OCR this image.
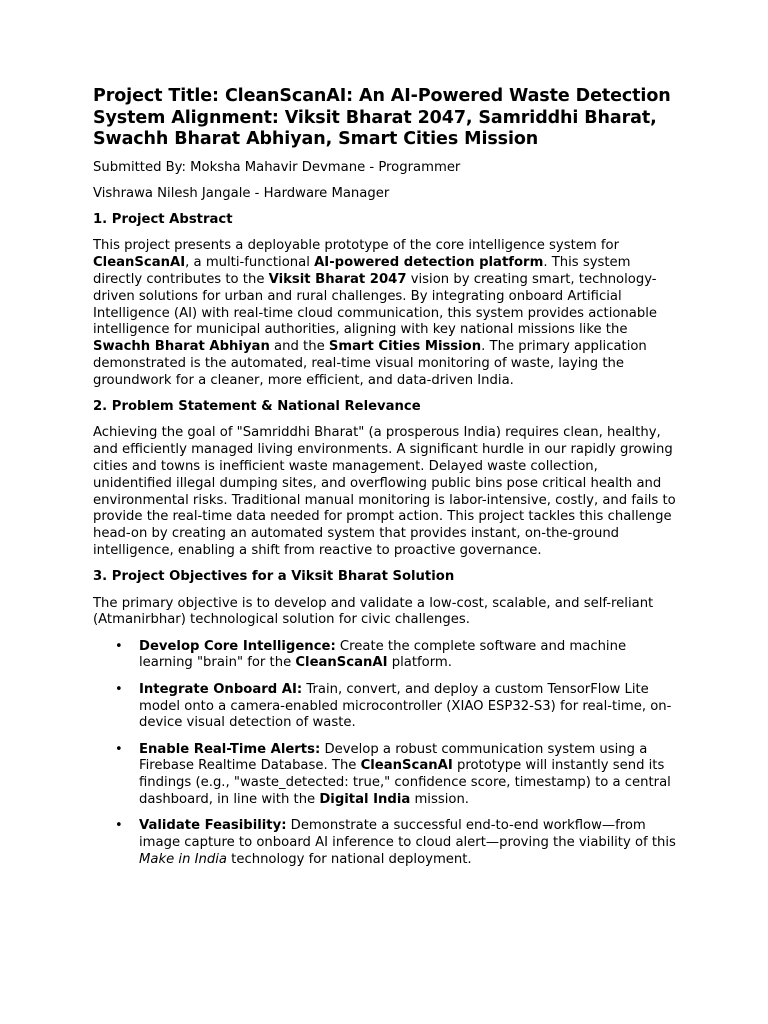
Project Title: CleanScanAI: An AI-Powered Waste Detection System Alignment: Viksit Bharat 2047, Samriddhi Bharat, Swachh Bharat Abhiyan, Smart Cities Mission

Submitted By: Moksha Mahavir Devmane - Programmer

Vishrawa Nilesh Jangale - Hardware Manager

1. Project Abstract

This project presents a deployable prototype of the core intelligence system for CleanScanAI, a multi-functional AI-powered detection platform. This system directly contributes to the Viksit Bharat 2047 vision by creating smart, technology-driven solutions for urban and rural challenges. By integrating onboard Artificial Intelligence (AI) with real-time cloud communication, this system provides actionable intelligence for municipal authorities, aligning with key national missions like the Swachh Bharat Abhiyan and the Smart Cities Mission. The primary application demonstrated is the automated, real-time visual monitoring of waste, laying the groundwork for a cleaner, more efficient, and data-driven India.

2. Problem Statement & National Relevance

Achieving the goal of "Samriddhi Bharat" (a prosperous India) requires clean, healthy, and efficiently managed living environments. A significant hurdle in our rapidly growing cities and towns is inefficient waste management. Delayed waste collection, unidentified illegal dumping sites, and overflowing public bins pose critical health and environmental risks. Traditional manual monitoring is labor-intensive, costly, and fails to provide the real-time data needed for prompt action. This project tackles this challenge head-on by creating an automated system that provides instant, on-the-ground intelligence, enabling a shift from reactive to proactive governance.

3. Project Objectives for a Viksit Bharat Solution

The primary objective is to develop and validate a low-cost, scalable, and self-reliant (Atmanirbhar) technological solution for civic challenges.

• Develop Core Intelligence: Create the complete software and machine learning "brain" for the CleanScanAI platform.
• Integrate Onboard AI: Train, convert, and deploy a custom TensorFlow Lite model onto a camera-enabled microcontroller (XIAO ESP32-S3) for real-time, on-device visual detection of waste.
• Enable Real-Time Alerts: Develop a robust communication system using a Firebase Realtime Database. The CleanScanAI prototype will instantly send its findings (e.g., "waste_detected: true," confidence score, timestamp) to a central dashboard, in line with the Digital India mission.
• Validate Feasibility: Demonstrate a successful end-to-end workflow—from image capture to onboard AI inference to cloud alert—proving the viability of this Make in India technology for national deployment.
